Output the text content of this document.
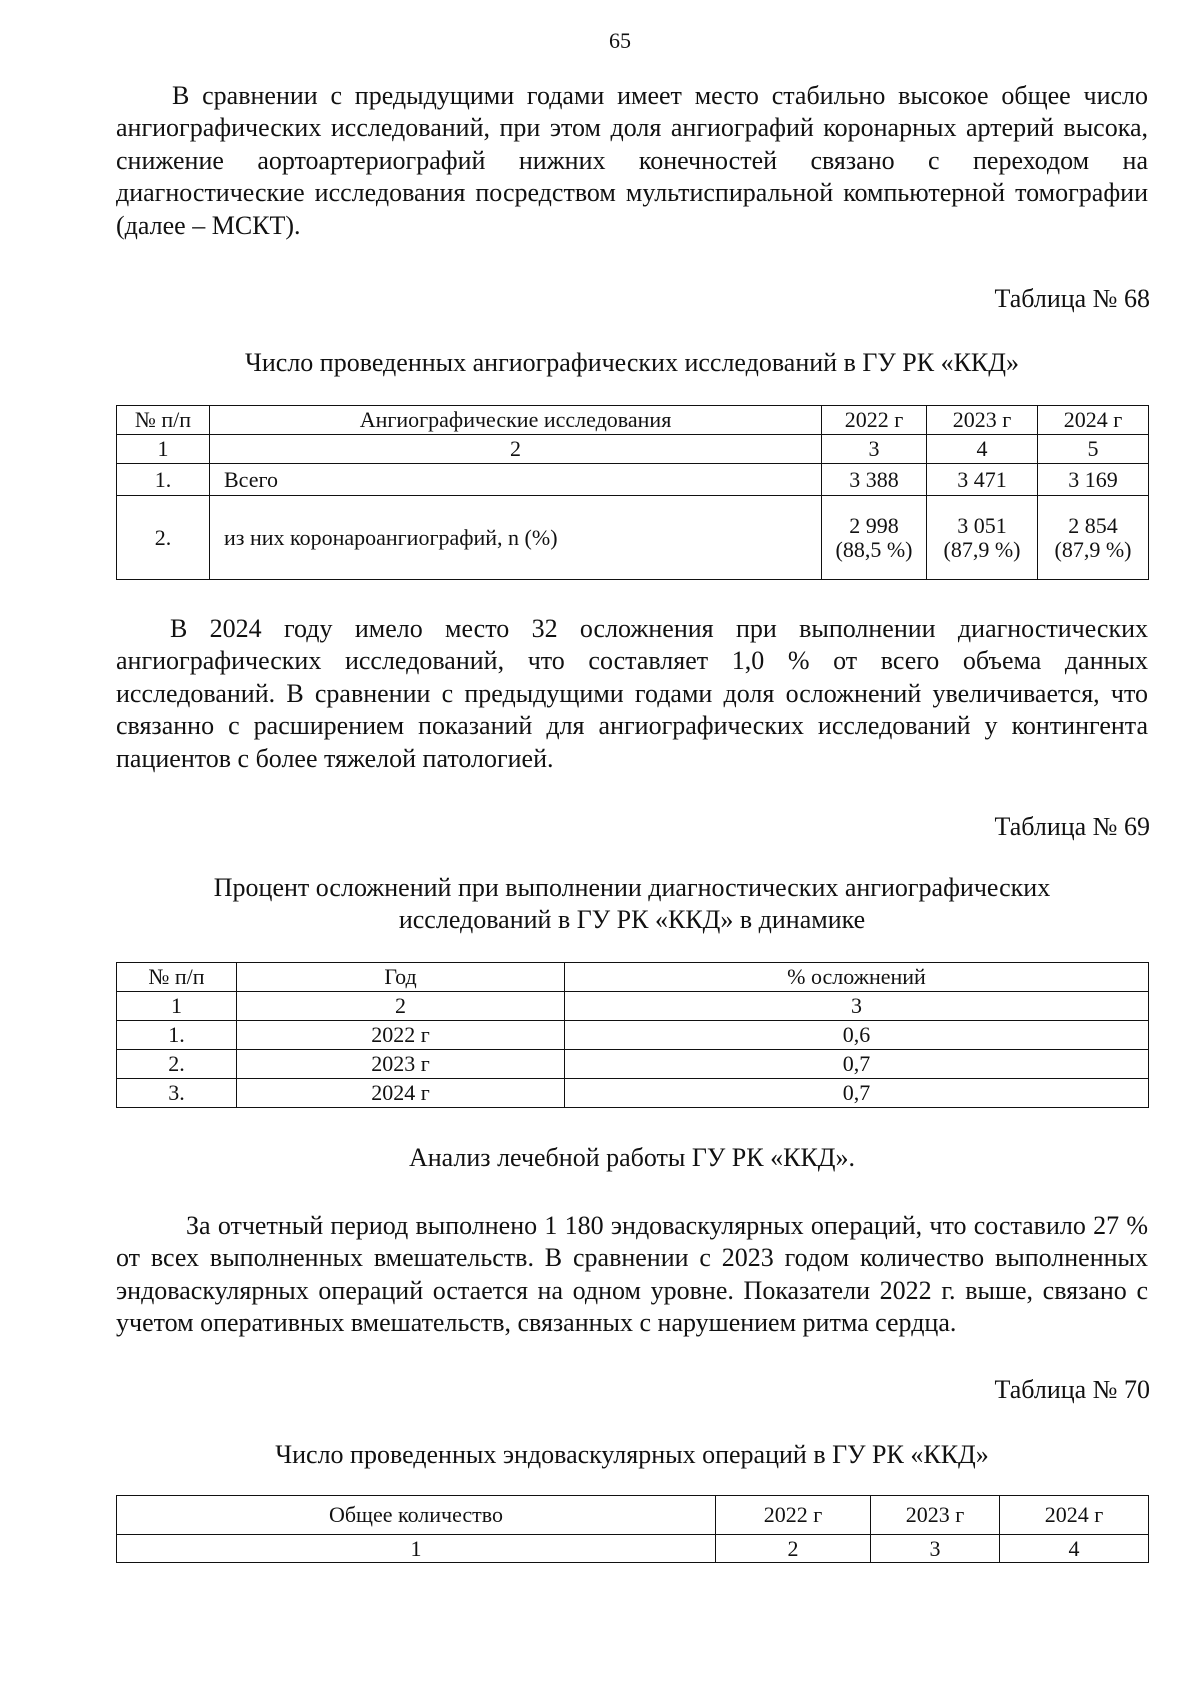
65
В сравнении с предыдущими годами имеет место стабильно высокое общее число ангиографических исследований, при этом доля ангиографий коронарных артерий высока, снижение аортоартериографий нижних конечностей связано с переходом на диагностические исследования посредством мультиспиральной компьютерной томографии (далее – МСКТ).
Таблица № 68
Число проведенных ангиографических исследований в ГУ РК «ККД»
№ п/п	Ангиографические исследования	2022 г	2023 г	2024 г
1	2	3	4	5
1.	Всего	3 388	3 471	3 169
2.	из них коронароангиографий, n (%)	2 998 (88,5 %)	3 051 (87,9 %)	2 854 (87,9 %)
В 2024 году имело место 32 осложнения при выполнении диагностических ангиографических исследований, что составляет 1,0 % от всего объема данных исследований. В сравнении с предыдущими годами доля осложнений увеличивается, что связанно с расширением показаний для ангиографических исследований у контингента пациентов с более тяжелой патологией.
Таблица № 69
Процент осложнений при выполнении диагностических ангиографических
исследований в ГУ РК «ККД» в динамике
№ п/п	Год	% осложнений
1	2	3
1.	2022 г	0,6
2.	2023 г	0,7
3.	2024 г	0,7
Анализ лечебной работы ГУ РК «ККД».
За отчетный период выполнено 1 180 эндоваскулярных операций, что составило 27 % от всех выполненных вмешательств. В сравнении с 2023 годом количество выполненных эндоваскулярных операций остается на одном уровне. Показатели 2022 г. выше, связано с учетом оперативных вмешательств, связанных с нарушением ритма сердца.
Таблица № 70
Число проведенных эндоваскулярных операций в ГУ РК «ККД»
Общее количество	2022 г	2023 г	2024 г
1	2	3	4
